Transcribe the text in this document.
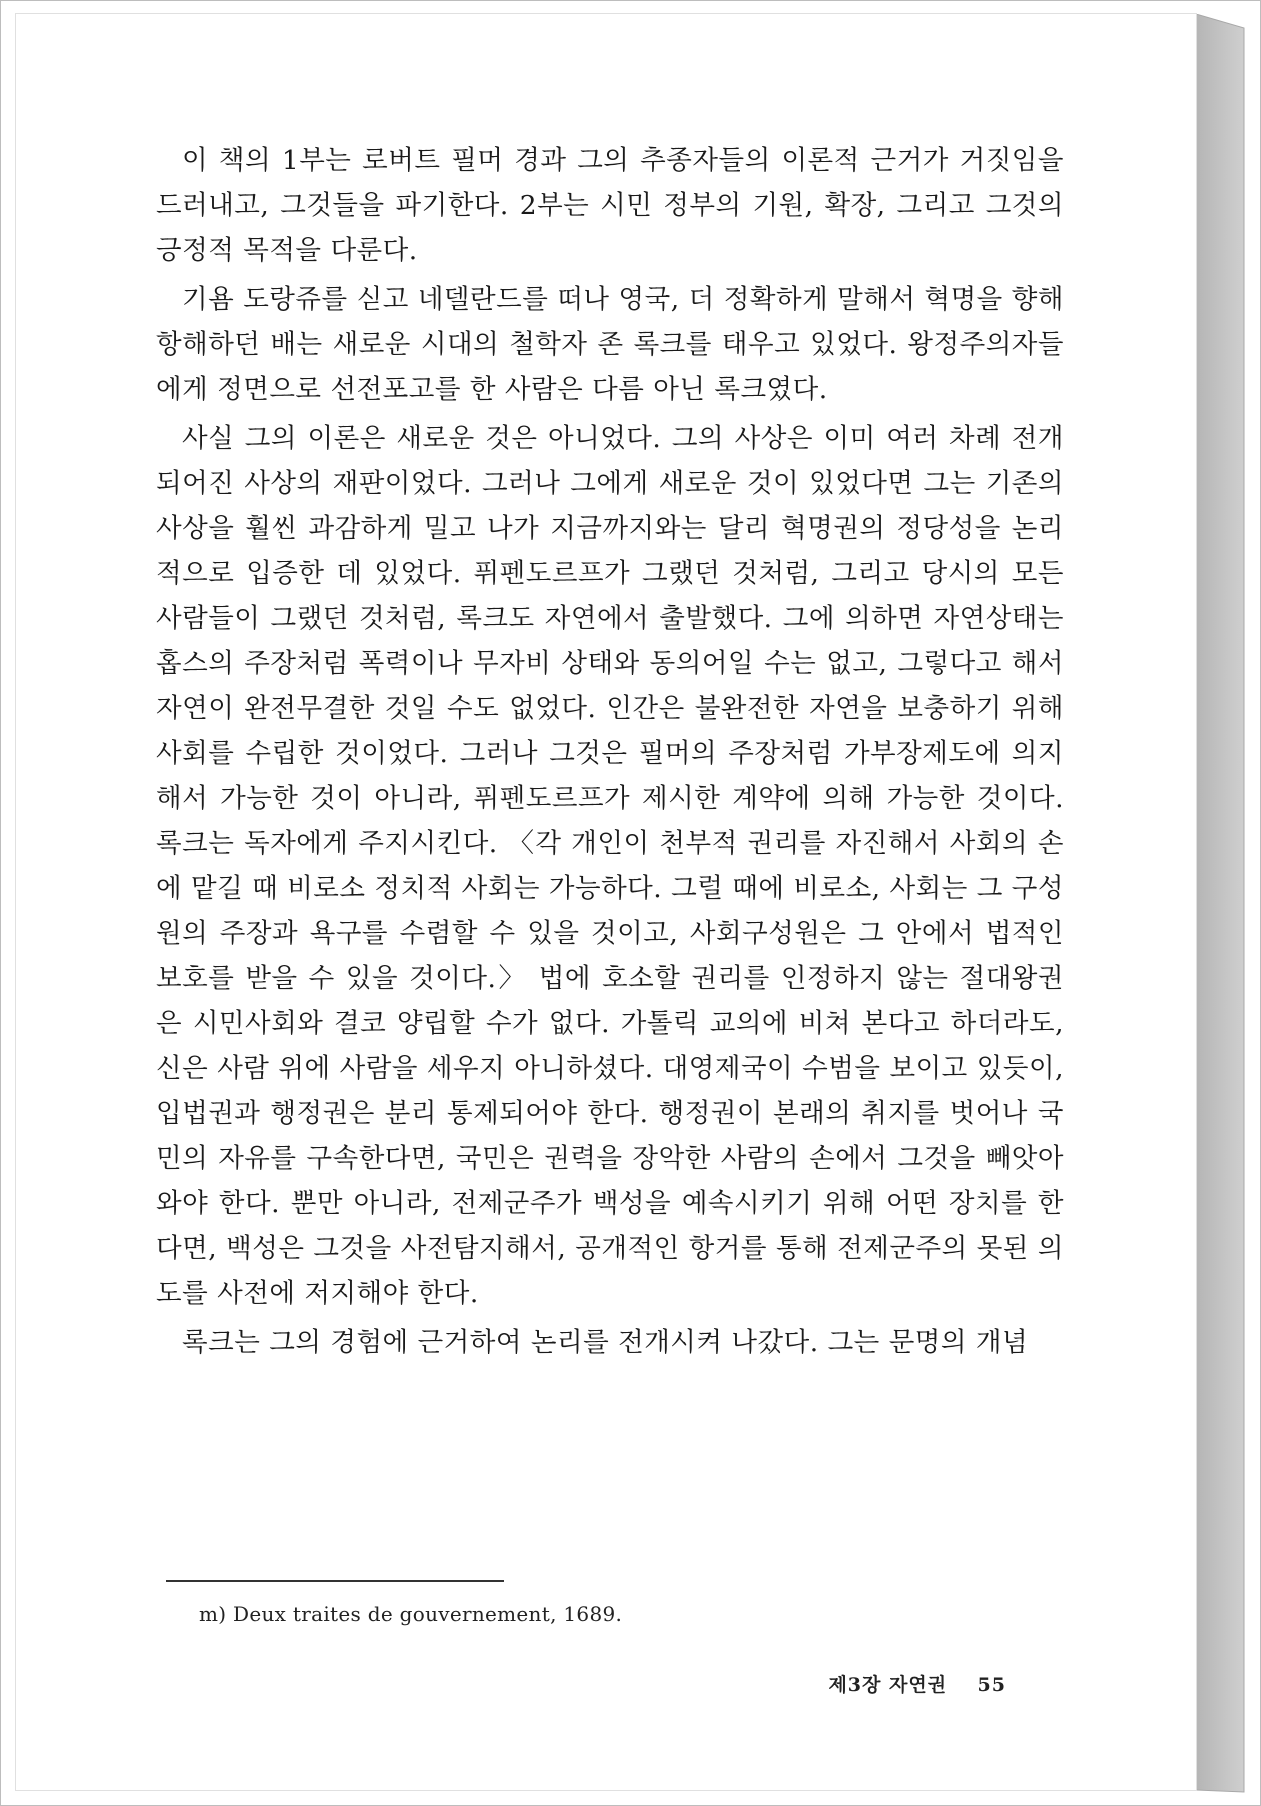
이 책의 1부는 로버트 필머 경과 그의 추종자들의 이론적 근거가 거짓임을 드러내고, 그것들을 파기한다. 2부는 시민 정부의 기원, 확장, 그리고 그것의 긍정적 목적을 다룬다.

기욤 도랑쥬를 싣고 네델란드를 떠나 영국, 더 정확하게 말해서 혁명을 향해 항해하던 배는 새로운 시대의 철학자 존 록크를 태우고 있었다. 왕정주의자들에게 정면으로 선전포고를 한 사람은 다름 아닌 록크였다.

사실 그의 이론은 새로운 것은 아니었다. 그의 사상은 이미 여러 차례 전개되어진 사상의 재판이었다. 그러나 그에게 새로운 것이 있었다면 그는 기존의 사상을 훨씬 과감하게 밀고 나가 지금까지와는 달리 혁명권의 정당성을 논리적으로 입증한 데 있었다. 퓌펜도르프가 그랬던 것처럼, 그리고 당시의 모든 사람들이 그랬던 것처럼, 록크도 자연에서 출발했다. 그에 의하면 자연상태는 홉스의 주장처럼 폭력이나 무자비 상태와 동의어일 수는 없고, 그렇다고 해서 자연이 완전무결한 것일 수도 없었다. 인간은 불완전한 자연을 보충하기 위해 사회를 수립한 것이었다. 그러나 그것은 필머의 주장처럼 가부장제도에 의지해서 가능한 것이 아니라, 퓌펜도르프가 제시한 계약에 의해 가능한 것이다. 록크는 독자에게 주지시킨다. 〈각 개인이 천부적 권리를 자진해서 사회의 손에 맡길 때 비로소 정치적 사회는 가능하다. 그럴 때에 비로소, 사회는 그 구성원의 주장과 욕구를 수렴할 수 있을 것이고, 사회구성원은 그 안에서 법적인 보호를 받을 수 있을 것이다.〉 법에 호소할 권리를 인정하지 않는 절대왕권은 시민사회와 결코 양립할 수가 없다. 가톨릭 교의에 비쳐 본다고 하더라도, 신은 사람 위에 사람을 세우지 아니하셨다. 대영제국이 수범을 보이고 있듯이, 입법권과 행정권은 분리 통제되어야 한다. 행정권이 본래의 취지를 벗어나 국민의 자유를 구속한다면, 국민은 권력을 장악한 사람의 손에서 그것을 빼앗아와야 한다. 뿐만 아니라, 전제군주가 백성을 예속시키기 위해 어떤 장치를 한다면, 백성은 그것을 사전탐지해서, 공개적인 항거를 통해 전제군주의 못된 의도를 사전에 저지해야 한다.

록크는 그의 경험에 근거하여 논리를 전개시켜 나갔다. 그는 문명의 개념

m) Deux traites de gouvernement, 1689.
제3장 자연권 55
